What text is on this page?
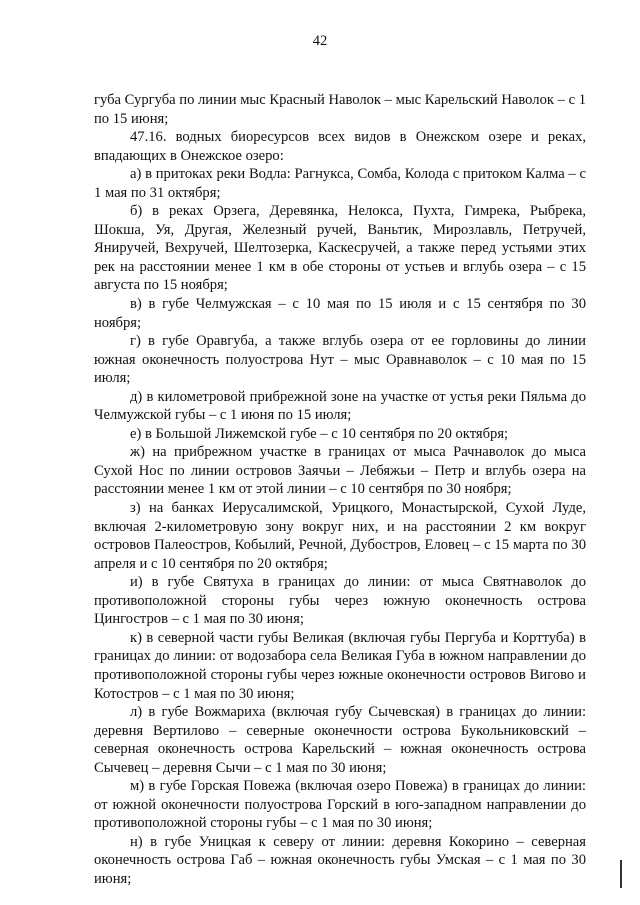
42

губа Сургуба по линии мыс Красный Наволок – мыс Карельский Наволок – с 1 по 15 июня;

47.16. водных биоресурсов всех видов в Онежском озере и реках, впадающих в Онежское озеро:

а) в притоках реки Водла: Рагнукса, Сомба, Колода с притоком Калма – с 1 мая по 31 октября;

б) в реках Орзега, Деревянка, Нелокса, Пухта, Гимрека, Рыбрека, Шокша, Уя, Другая, Железный ручей, Ваньтик, Мирозлавль, Петручей, Яниручей, Вехручей, Шелтозерка, Каскесручей, а также перед устьями этих рек на расстоянии менее 1 км в обе стороны от устьев и вглубь озера – с 15 августа по 15 ноября;

в) в губе Челмужская – с 10 мая по 15 июля и с 15 сентября по 30 ноября;

г) в губе Оравгуба, а также вглубь озера от ее горловины до линии южная оконечность полуострова Нут – мыс Оравнаволок – с 10 мая по 15 июля;

д) в километровой прибрежной зоне на участке от устья реки Пяльма до Челмужской губы – с 1 июня по 15 июля;

е) в Большой Лижемской губе – с 10 сентября по 20 октября;

ж) на прибрежном участке в границах от мыса Рачнаволок до мыса Сухой Нос по линии островов Заячьи – Лебяжьи – Петр и вглубь озера на расстоянии менее 1 км от этой линии – с 10 сентября по 30 ноября;

з) на банках Иерусалимской, Урицкого, Монастырской, Сухой Луде, включая 2-километровую зону вокруг них, и на расстоянии 2 км вокруг островов Палеостров, Кобылий, Речной, Дубостров, Еловец – с 15 марта по 30 апреля и с 10 сентября по 20 октября;

и) в губе Святуха в границах до линии: от мыса Святнаволок до противоположной стороны губы через южную оконечность острова Цингостров – с 1 мая по 30 июня;

к) в северной части губы Великая (включая губы Пергуба и Корттуба) в границах до линии: от водозабора села Великая Губа в южном направлении до противоположной стороны губы через южные оконечности островов Вигово и Котостров – с 1 мая по 30 июня;

л) в губе Вожмариха (включая губу Сычевская) в границах до линии: деревня Вертилово – северные оконечности острова Букольниковский – северная оконечность острова Карельский – южная оконечность острова Сычевец – деревня Сычи – с 1 мая по 30 июня;

м) в губе Горская Повежа (включая озеро Повежа) в границах до линии: от южной оконечности полуострова Горский в юго-западном направлении до противоположной стороны губы – с 1 мая по 30 июня;

н) в губе Уницкая к северу от линии: деревня Кокорино – северная оконечность острова Габ – южная оконечность губы Умская – с 1 мая по 30 июня;
